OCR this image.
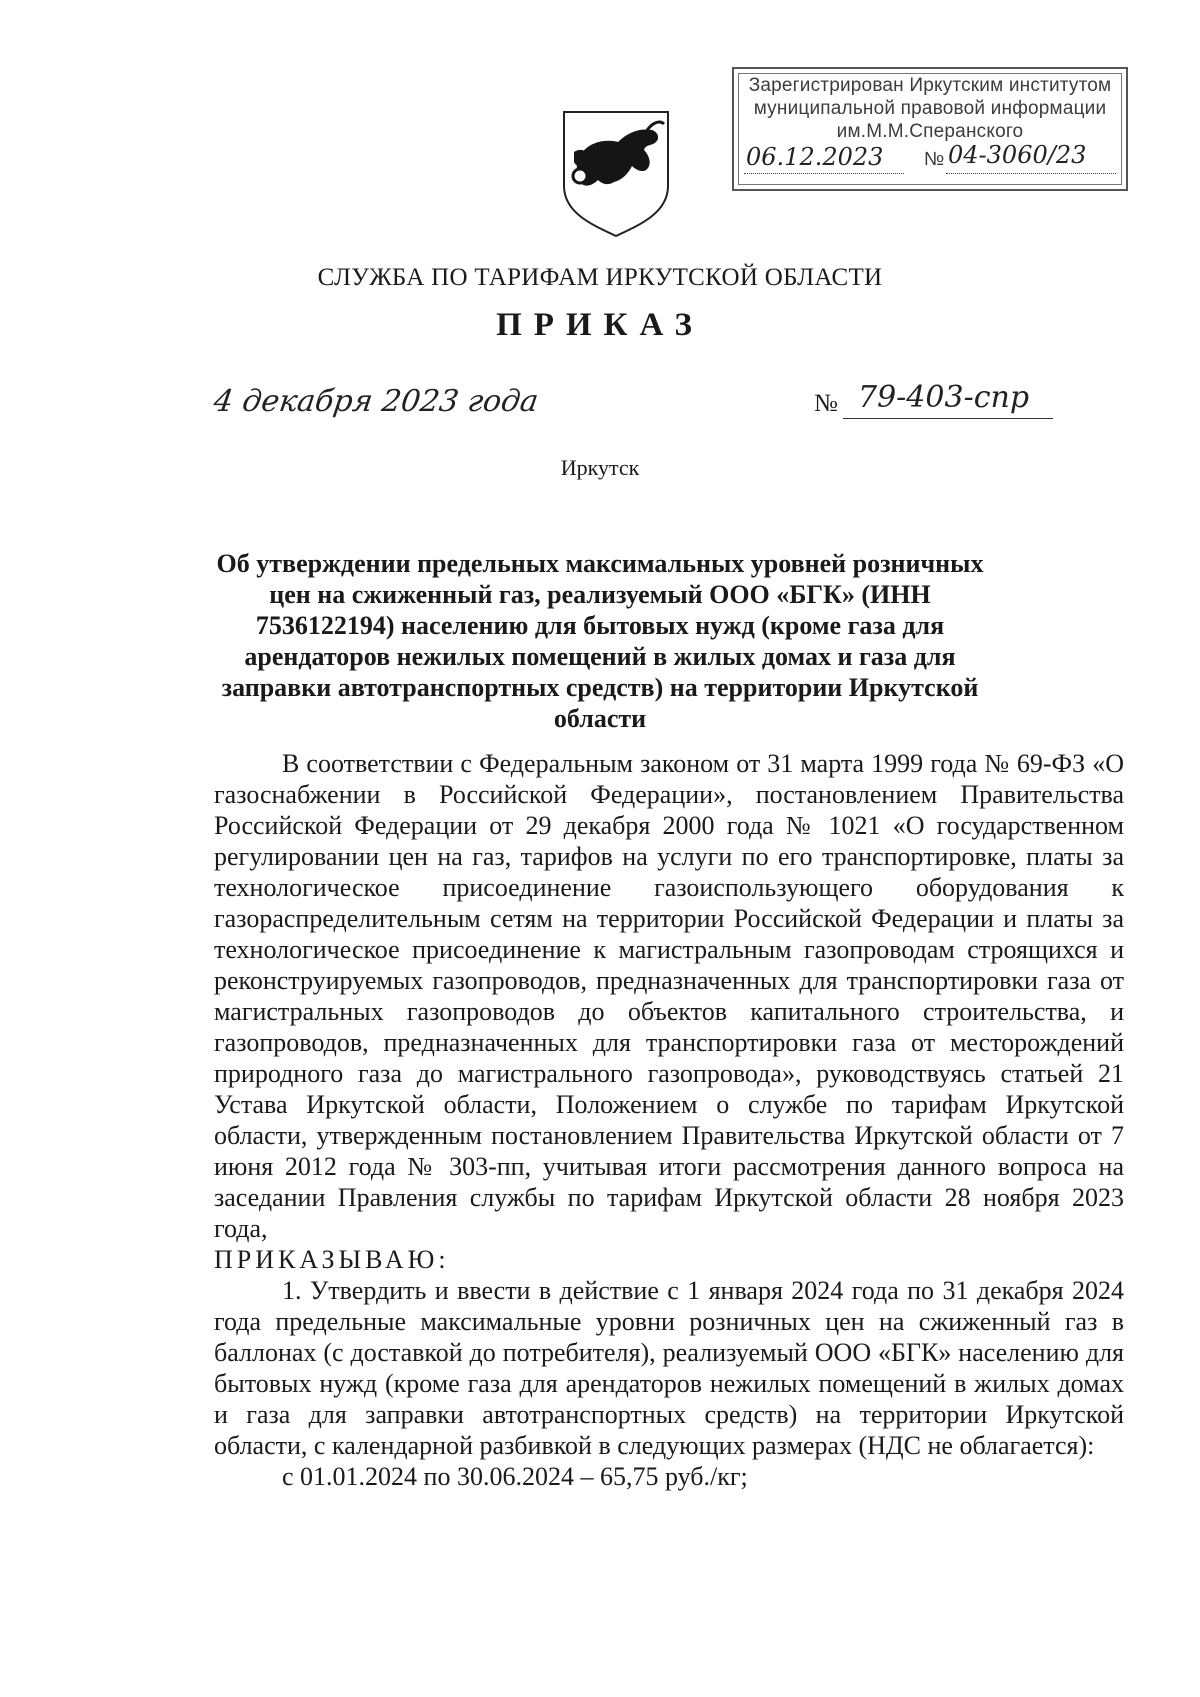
Зарегистрирован Иркутским институтом
муниципальной правовой информации
им.М.М.Сперанского
06.12.2023 № 04-3060/23
СЛУЖБА ПО ТАРИФАМ ИРКУТСКОЙ ОБЛАСТИ
ПРИКАЗ
4 декабря 2023 года	№ 79-403-спр
Иркутск
Об утверждении предельных максимальных уровней розничных цен на сжиженный газ, реализуемый ООО «БГК» (ИНН 7536122194) населению для бытовых нужд (кроме газа для арендаторов нежилых помещений в жилых домах и газа для заправки автотранспортных средств) на территории Иркутской области

В соответствии с Федеральным законом от 31 марта 1999 года № 69-ФЗ «О газоснабжении в Российской Федерации», постановлением Правительства Российской Федерации от 29 декабря 2000 года № 1021 «О государственном регулировании цен на газ, тарифов на услуги по его транспортировке, платы за технологическое присоединение газоиспользующего оборудования к газораспределительным сетям на территории Российской Федерации и платы за технологическое присоединение к магистральным газопроводам строящихся и реконструируемых газопроводов, предназначенных для транспортировки газа от магистральных газопроводов до объектов капитального строительства, и газопроводов, предназначенных для транспортировки газа от месторождений природного газа до магистрального газопровода», руководствуясь статьей 21 Устава Иркутской области, Положением о службе по тарифам Иркутской области, утвержденным постановлением Правительства Иркутской области от 7 июня 2012 года № 303-пп, учитывая итоги рассмотрения данного вопроса на заседании Правления службы по тарифам Иркутской области 28 ноября 2023 года,

ПРИКАЗЫВАЮ:

1. Утвердить и ввести в действие с 1 января 2024 года по 31 декабря 2024 года предельные максимальные уровни розничных цен на сжиженный газ в баллонах (с доставкой до потребителя), реализуемый ООО «БГК» населению для бытовых нужд (кроме газа для арендаторов нежилых помещений в жилых домах и газа для заправки автотранспортных средств) на территории Иркутской области, с календарной разбивкой в следующих размерах (НДС не облагается):

с 01.01.2024 по 30.06.2024 – 65,75 руб./кг;
